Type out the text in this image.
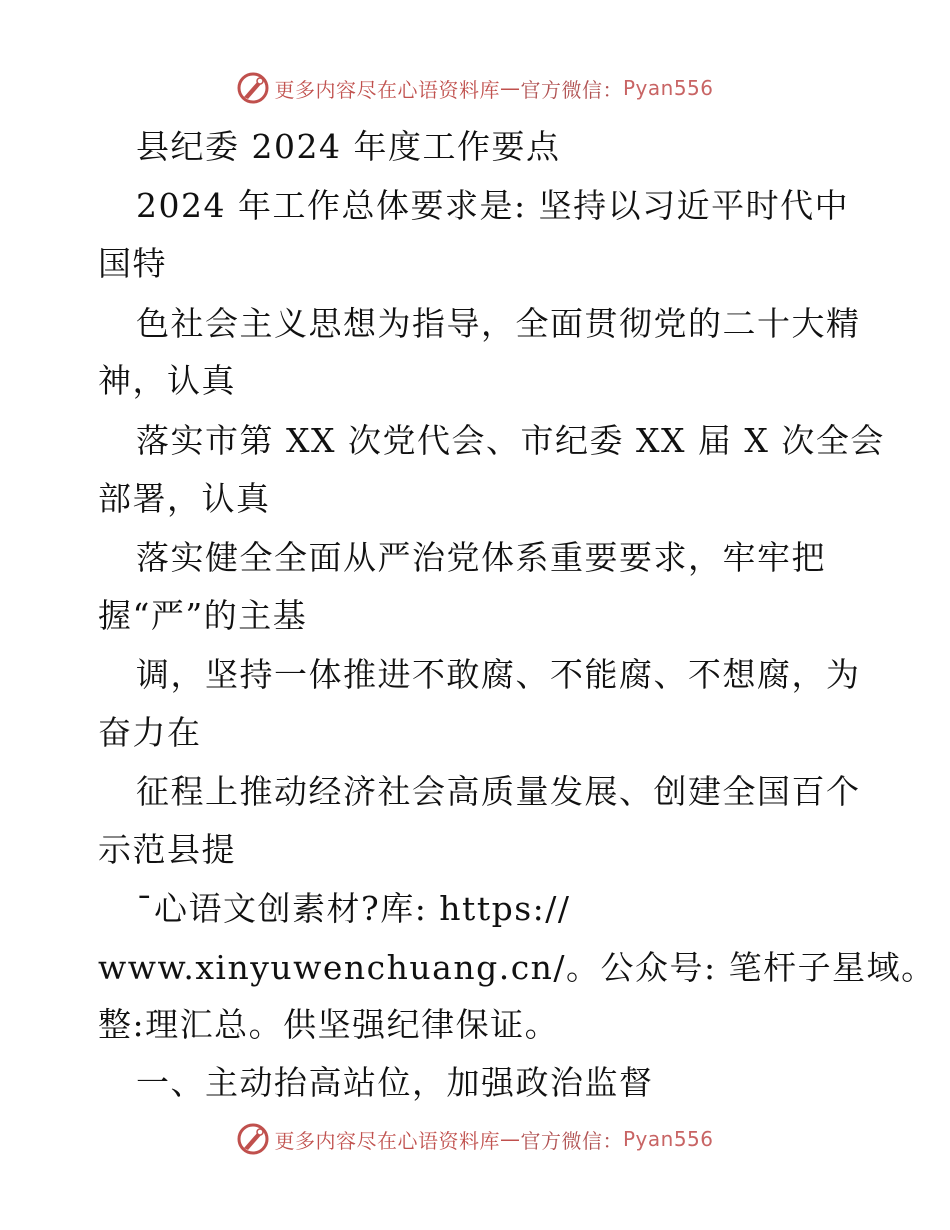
更多内容尽在心语资料库 — 官方微信： Pyan556
县纪委 2024 年度工作要点
2024 年工作总体要求是: 坚持以习近平时代中
国特
色社会主义思想为指导，全面贯彻党的二十大精
神，认真
落实市第 XX 次党代会、市纪委 XX 届 X 次全会
部署，认真
落实健全全面从严治党体系重要要求，牢牢把
握“严”的主基
调，坚持一体推进不敢腐、不能腐、不想腐，为
奋力在
征程上推动经济社会高质量发展、创建全国百个
示范县提
¯心语文创素材?库: https://
www.xinyuwenchuang.cn/。公众号: 笔杆子星域。
整:理汇总。供坚强纪律保证。
一、主动抬高站位，加强政治监督
更多内容尽在心语资料库 — 官方微信： Pyan556
